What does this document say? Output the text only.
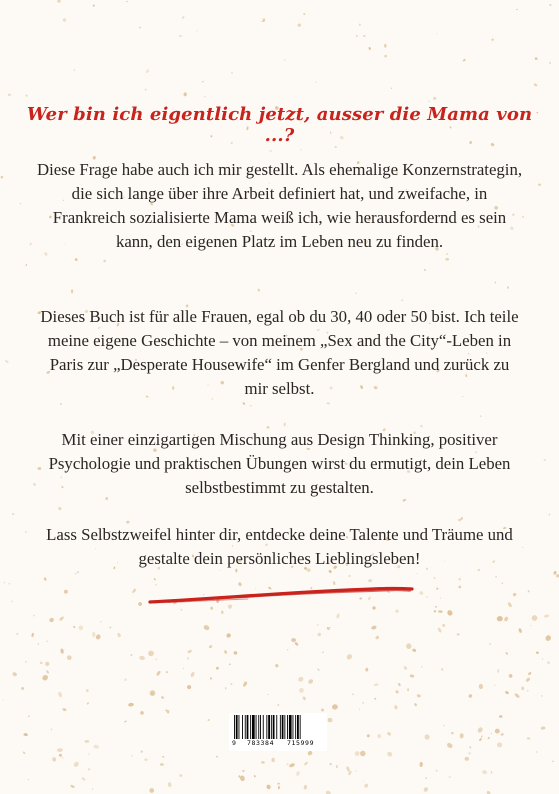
Wer bin ich eigentlich jetzt, ausser die Mama von ...?
Diese Frage habe auch ich mir gestellt. Als ehemalige Konzernstrategin, die sich lange über ihre Arbeit definiert hat, und zweifache, in Frankreich sozialisierte Mama weiß ich, wie herausfordernd es sein kann, den eigenen Platz im Leben neu zu finden.
Dieses Buch ist für alle Frauen, egal ob du 30, 40 oder 50 bist. Ich teile meine eigene Geschichte – von meinem „Sex and the City“-Leben in Paris zur „Desperate Housewife“ im Genfer Bergland und zurück zu mir selbst.
Mit einer einzigartigen Mischung aus Design Thinking, positiver Psychologie und praktischen Übungen wirst du ermutigt, dein Leben selbstbestimmt zu gestalten.
Lass Selbstzweifel hinter dir, entdecke deine Talente und Träume und gestalte dein persönliches Lieblingsleben!
9 783384 715999
